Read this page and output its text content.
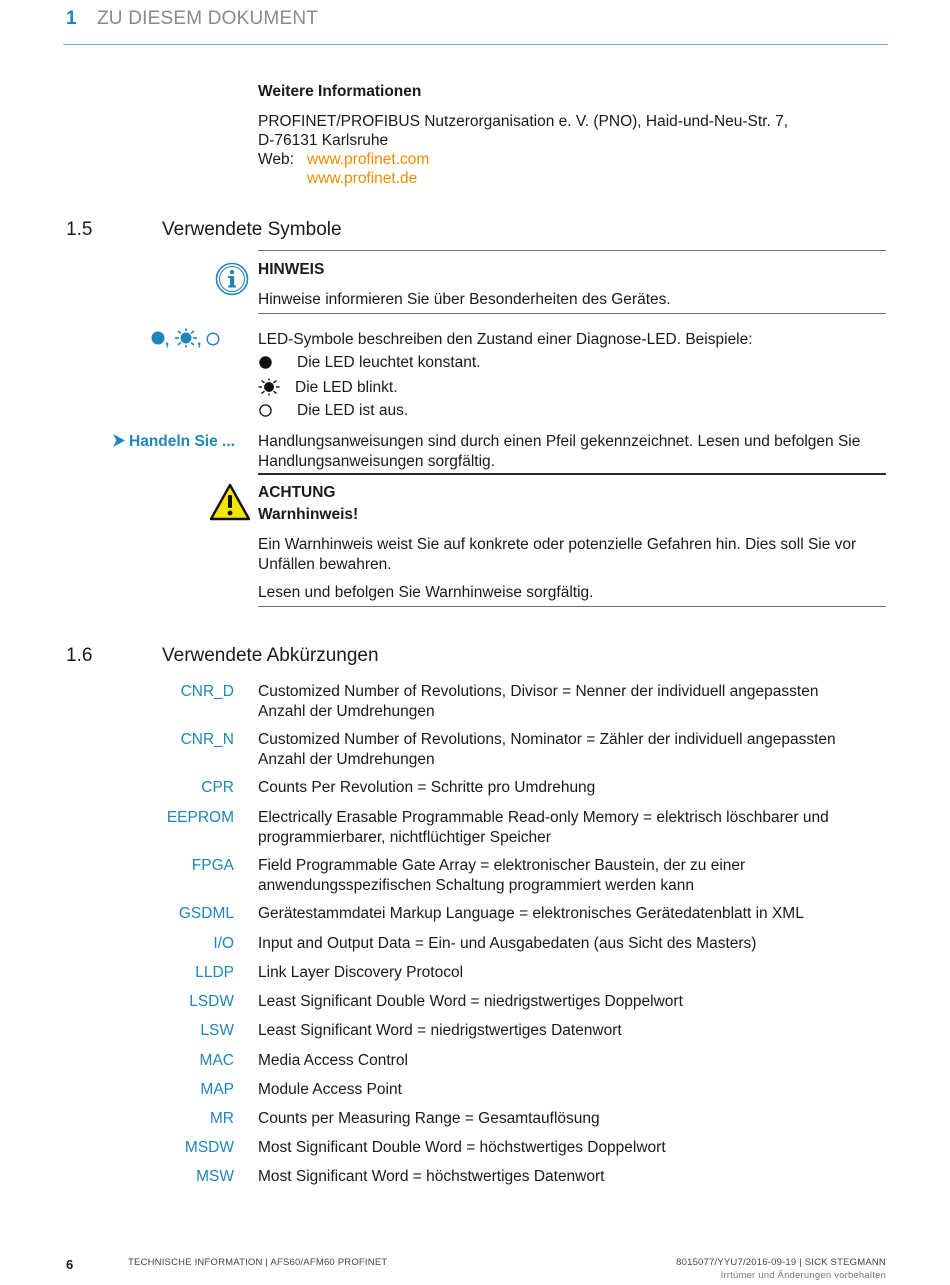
1 ZU DIESEM DOKUMENT
Weitere Informationen
PROFINET/PROFIBUS Nutzerorganisation e. V. (PNO), Haid-und-Neu-Str. 7,
D-76131 Karlsruhe
Web: www.profinet.com
www.profinet.de
1.5	Verwendete Symbole
HINWEIS
Hinweise informieren Sie über Besonderheiten des Gerätes.
, ,	LED-Symbole beschreiben den Zustand einer Diagnose-LED. Beispiele:
Die LED leuchtet konstant.
Die LED blinkt.
Die LED ist aus.
Handeln Sie ... Handlungsanweisungen sind durch einen Pfeil gekennzeichnet. Lesen und befolgen Sie Handlungsanweisungen sorgfältig.
ACHTUNG
Warnhinweis!
Ein Warnhinweis weist Sie auf konkrete oder potenzielle Gefahren hin. Dies soll Sie vor Unfällen bewahren.
Lesen und befolgen Sie Warnhinweise sorgfältig.
1.6	Verwendete Abkürzungen
CNR_D Customized Number of Revolutions, Divisor = Nenner der individuell angepassten Anzahl der Umdrehungen
CNR_N Customized Number of Revolutions, Nominator = Zähler der individuell angepassten Anzahl der Umdrehungen
CPR Counts Per Revolution = Schritte pro Umdrehung
EEPROM Electrically Erasable Programmable Read-only Memory = elektrisch löschbarer und programmierbarer, nichtflüchtiger Speicher
FPGA Field Programmable Gate Array = elektronischer Baustein, der zu einer anwendungsspezifischen Schaltung programmiert werden kann
GSDML Gerätestammdatei Markup Language = elektronisches Gerätedatenblatt in XML
I/O Input and Output Data = Ein- und Ausgabedaten (aus Sicht des Masters)
LLDP Link Layer Discovery Protocol
LSDW Least Significant Double Word = niedrigstwertiges Doppelwort
LSW Least Significant Word = niedrigstwertiges Datenwort
MAC Media Access Control
MAP Module Access Point
MR Counts per Measuring Range = Gesamtauflösung
MSDW Most Significant Double Word = höchstwertiges Doppelwort
MSW Most Significant Word = höchstwertiges Datenwort
6	TECHNISCHE INFORMATION | AFS60/AFM60 PROFINET	8015077/YYU7/2016-09-19 | SICK STEGMANN
Irrtümer und Änderungen vorbehalten
